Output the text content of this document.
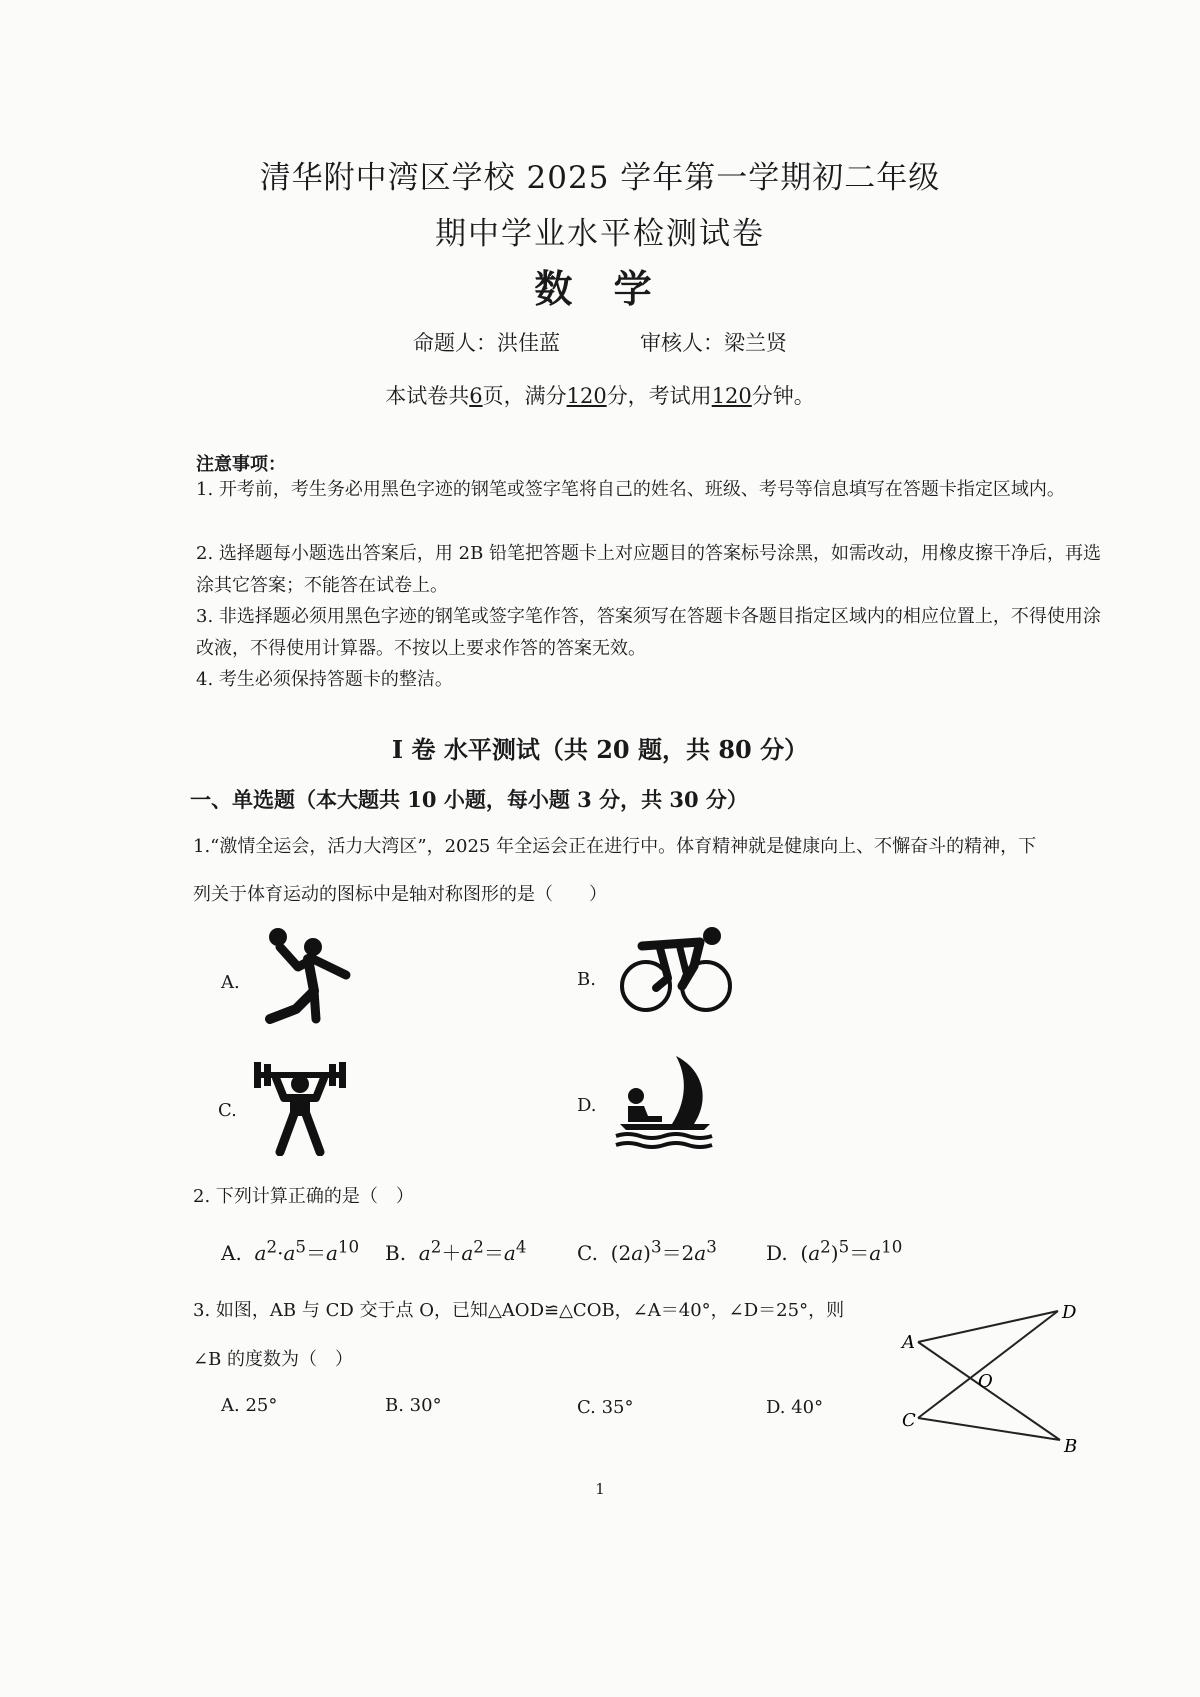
清华附中湾区学校 2025 学年第一学期初二年级
期中学业水平检测试卷
数 学
命题人：洪佳蓝	审核人：梁兰贤
本试卷共6页，满分120分，考试用120分钟。
注意事项：
1. 开考前，考生务必用黑色字迹的钢笔或签字笔将自己的姓名、班级、考号等信息填写在答题卡指定区域内。
2. 选择题每小题选出答案后，用 2B 铅笔把答题卡上对应题目的答案标号涂黑，如需改动，用橡皮擦干净后，再选涂其它答案；不能答在试卷上。
3. 非选择题必须用黑色字迹的钢笔或签字笔作答，答案须写在答题卡各题目指定区域内的相应位置上，不得使用涂改液，不得使用计算器。不按以上要求作答的答案无效。
4. 考生必须保持答题卡的整洁。
I 卷 水平测试（共 20 题，共 80 分）
一、单选题（本大题共 10 小题，每小题 3 分，共 30 分）
1.“激情全运会，活力大湾区”，2025 年全运会正在进行中。体育精神就是健康向上、不懈奋斗的精神，下
列关于体育运动的图标中是轴对称图形的是（　　）
A.	B.
C.	D.
2. 下列计算正确的是（　）
A. $a^2\cdot a^5=a^{10}$ B. $a^2+a^2=a^4$	C.  $(2a)^3=2a^3$ D.  $(a^2)^5=a^{10}$
3. 如图，AB 与 CD 交于点 O，已知△AOD≌△COB，∠A＝40°，∠D＝25°，则
∠B 的度数为（　）
A. 25°	B. 30°	C. 35°	D. 40°
A
D
O
C
B
1
